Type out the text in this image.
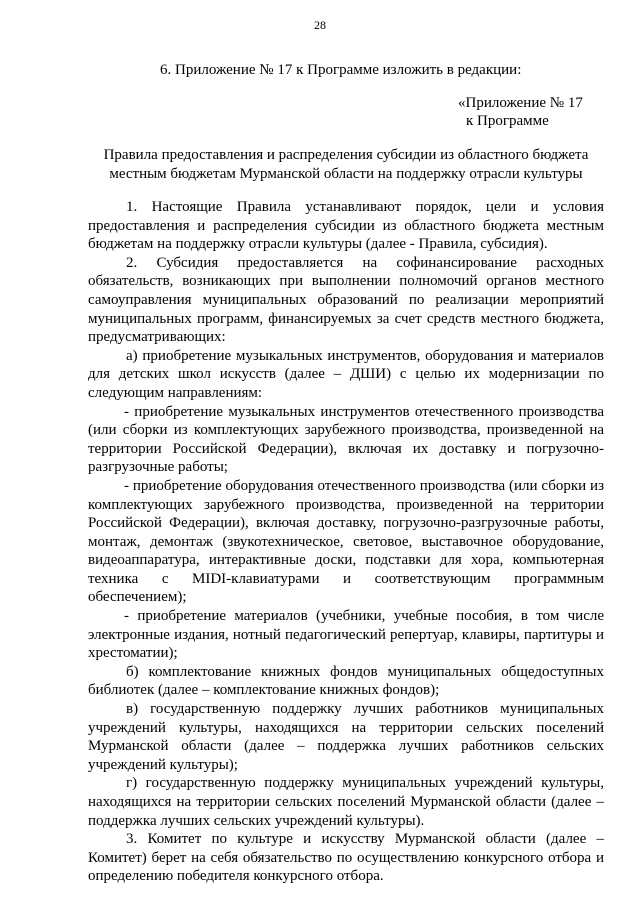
28
6. Приложение № 17 к Программе изложить в редакции:
«Приложение № 17
к Программе
Правила предоставления и распределения субсидии из областного бюджета
местным бюджетам Мурманской области на поддержку отрасли культуры

1. Настоящие Правила устанавливают порядок, цели и условия предоставления и распределения субсидии из областного бюджета местным бюджетам на поддержку отрасли культуры (далее - Правила, субсидия).

2. Субсидия предоставляется на софинансирование расходных обязательств, возникающих при выполнении полномочий органов местного самоуправления муниципальных образований по реализации мероприятий муниципальных программ, финансируемых за счет средств местного бюджета, предусматривающих:

а) приобретение музыкальных инструментов, оборудования и материалов для детских школ искусств (далее – ДШИ) с целью их модернизации по следующим направлениям:

- приобретение музыкальных инструментов отечественного производства (или сборки из комплектующих зарубежного производства, произведенной на территории Российской Федерации), включая их доставку и погрузочно-разгрузочные работы;

- приобретение оборудования отечественного производства (или сборки из комплектующих зарубежного производства, произведенной на территории Российской Федерации), включая доставку, погрузочно-разгрузочные работы, монтаж, демонтаж (звукотехническое, световое, выставочное оборудование, видеоаппаратура, интерактивные доски, подставки для хора, компьютерная техника с MIDI-клавиатурами и соответствующим программным обеспечением);

- приобретение материалов (учебники, учебные пособия, в том числе электронные издания, нотный педагогический репертуар, клавиры, партитуры и хрестоматии);

б) комплектование книжных фондов муниципальных общедоступных библиотек (далее – комплектование книжных фондов);

в) государственную поддержку лучших работников муниципальных учреждений культуры, находящихся на территории сельских поселений Мурманской области (далее – поддержка лучших работников сельских учреждений культуры);

г) государственную поддержку муниципальных учреждений культуры, находящихся на территории сельских поселений Мурманской области (далее – поддержка лучших сельских учреждений культуры).

3. Комитет по культуре и искусству Мурманской области (далее – Комитет) берет на себя обязательство по осуществлению конкурсного отбора и определению победителя конкурсного отбора.
